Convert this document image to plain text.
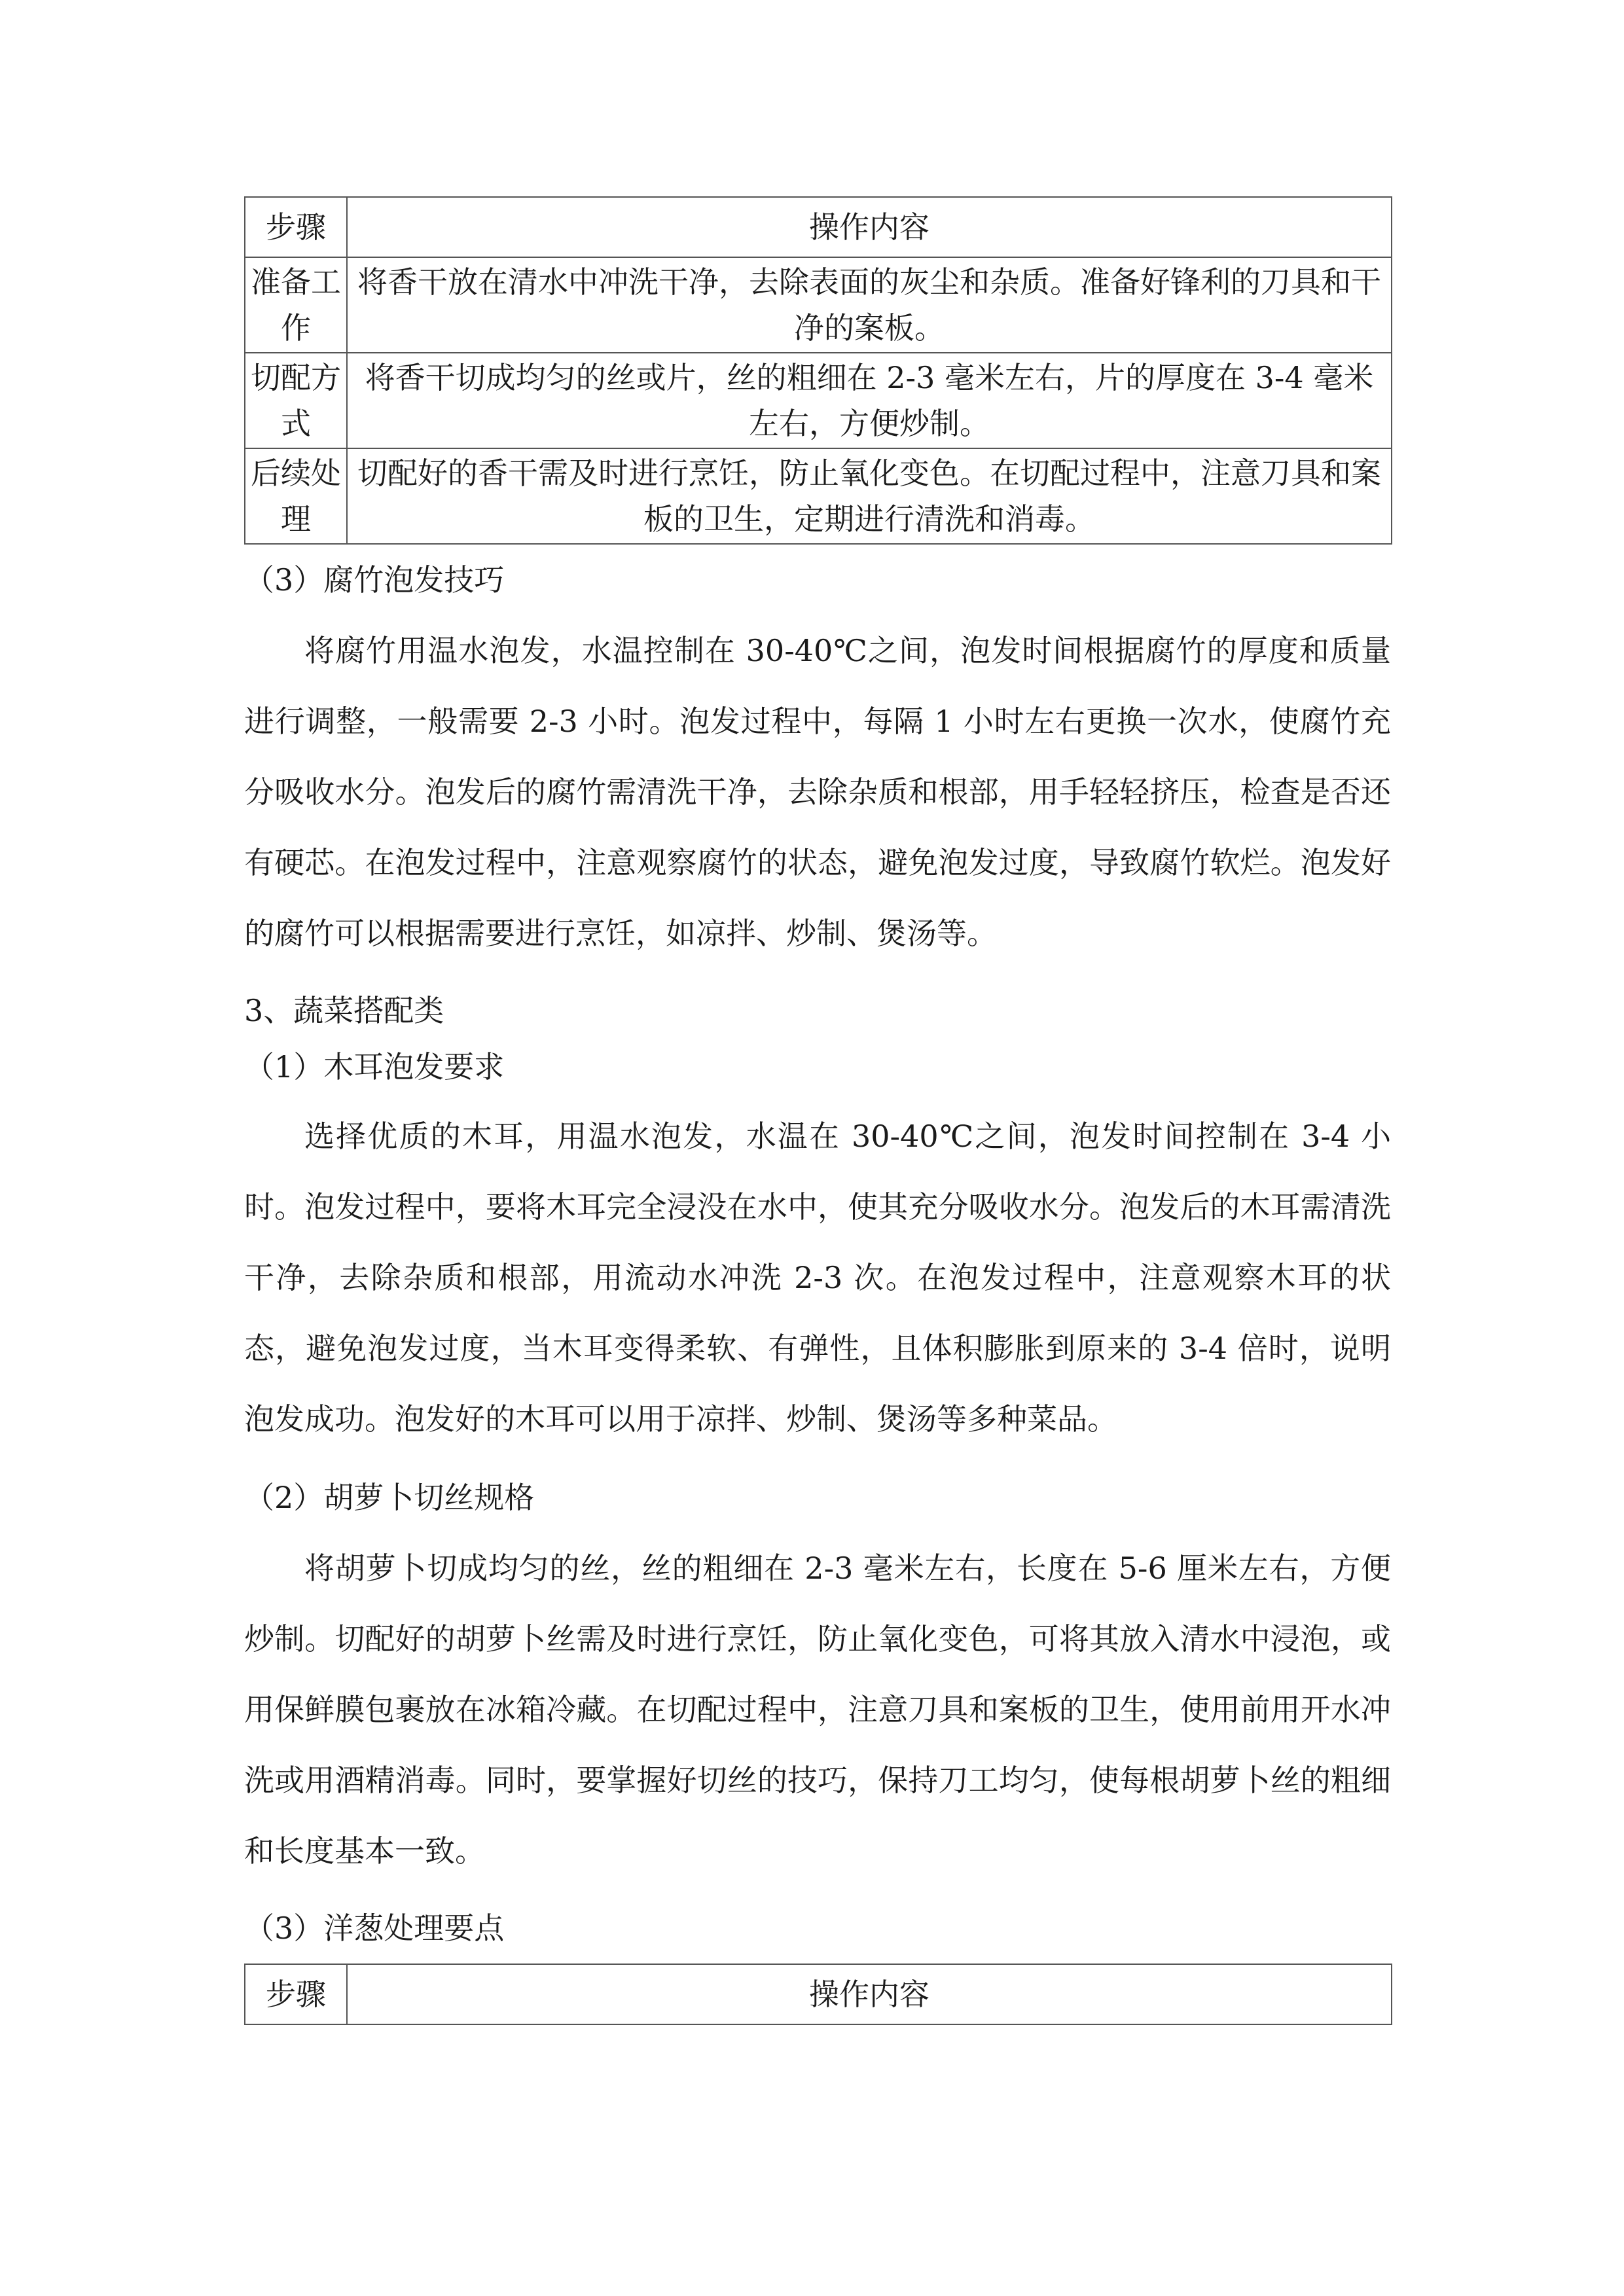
步骤	操作内容
准备工作	将香干放在清水中冲洗干净，去除表面的灰尘和杂质。准备好锋利的刀具和干净的案板。
切配方式	将香干切成均匀的丝或片，丝的粗细在 2-3 毫米左右，片的厚度在 3-4 毫米左右，方便炒制。
后续处理	切配好的香干需及时进行烹饪，防止氧化变色。在切配过程中，注意刀具和案板的卫生，定期进行清洗和消毒。

（3）腐竹泡发技巧

将腐竹用温水泡发，水温控制在 30-40℃之间，泡发时间根据腐竹的厚度和质量进行调整，一般需要 2-3 小时。泡发过程中，每隔 1 小时左右更换一次水，使腐竹充分吸收水分。泡发后的腐竹需清洗干净，去除杂质和根部，用手轻轻挤压，检查是否还有硬芯。在泡发过程中，注意观察腐竹的状态，避免泡发过度，导致腐竹软烂。泡发好的腐竹可以根据需要进行烹饪，如凉拌、炒制、煲汤等。

3、蔬菜搭配类

（1）木耳泡发要求

选择优质的木耳，用温水泡发，水温在 30-40℃之间，泡发时间控制在 3-4 小时。泡发过程中，要将木耳完全浸没在水中，使其充分吸收水分。泡发后的木耳需清洗干净，去除杂质和根部，用流动水冲洗 2-3 次。在泡发过程中，注意观察木耳的状态，避免泡发过度，当木耳变得柔软、有弹性，且体积膨胀到原来的 3-4 倍时，说明泡发成功。泡发好的木耳可以用于凉拌、炒制、煲汤等多种菜品。

（2）胡萝卜切丝规格

将胡萝卜切成均匀的丝，丝的粗细在 2-3 毫米左右，长度在 5-6 厘米左右，方便炒制。切配好的胡萝卜丝需及时进行烹饪，防止氧化变色，可将其放入清水中浸泡，或用保鲜膜包裹放在冰箱冷藏。在切配过程中，注意刀具和案板的卫生，使用前用开水冲洗或用酒精消毒。同时，要掌握好切丝的技巧，保持刀工均匀，使每根胡萝卜丝的粗细和长度基本一致。

（3）洋葱处理要点

步骤	操作内容
